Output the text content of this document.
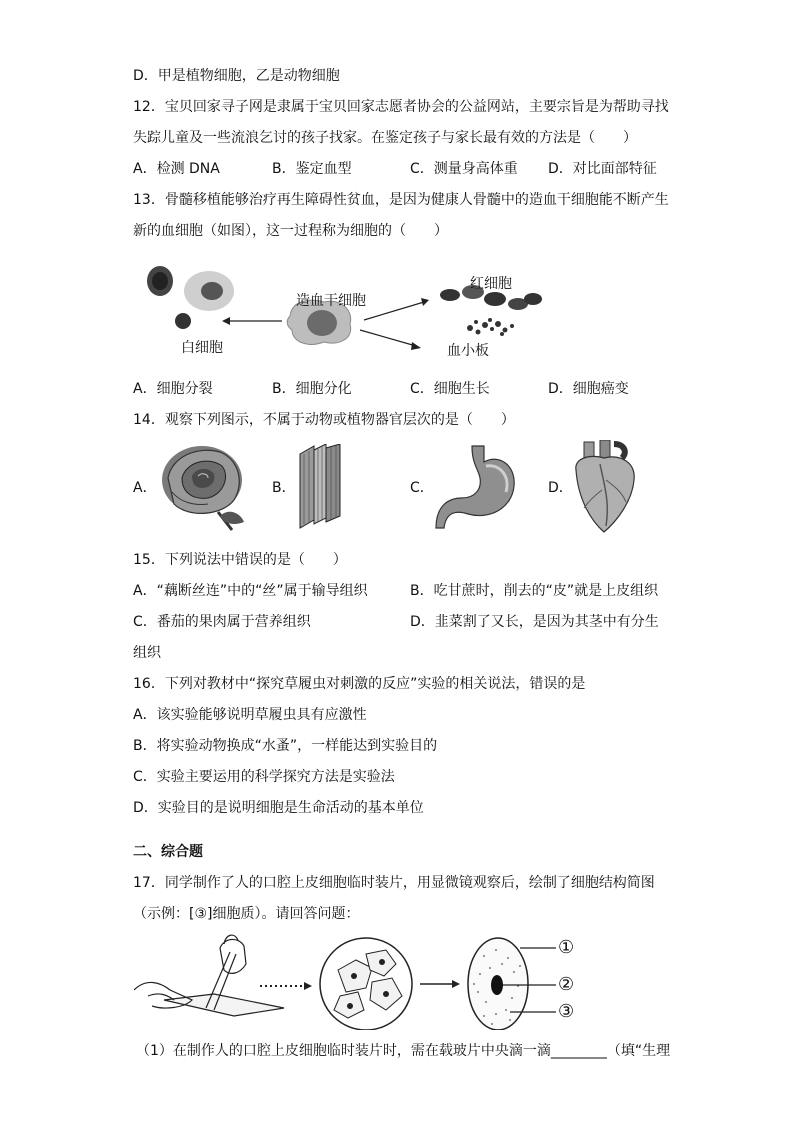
D．甲是植物细胞，乙是动物细胞
12．宝贝回家寻子网是隶属于宝贝回家志愿者协会的公益网站，主要宗旨是为帮助寻找
失踪儿童及一些流浪乞讨的孩子找家。在鉴定孩子与家长最有效的方法是（　　）
A．检测 DNA	B．鉴定血型	C．测量身高体重 D．对比面部特征
13．骨髓移植能够治疗再生障碍性贫血，是因为健康人骨髓中的造血干细胞能不断产生
新的血细胞（如图），这一过程称为细胞的（　　）
造血干细胞
红细胞
白细胞	血小板
A．细胞分裂	B．细胞分化	C．细胞生长	D．细胞癌变
14．观察下列图示，不属于动物或植物器官层次的是（　　）
A．	B．	C．	D．
15．下列说法中错误的是（　　）
A．“藕断丝连”中的“丝”属于输导组织	B．吃甘蔗时，削去的“皮”就是上皮组织
C．番茄的果肉属于营养组织	D．韭菜割了又长，是因为其茎中有分生
组织
16．下列对教材中“探究草履虫对刺激的反应”实验的相关说法，错误的是
A．该实验能够说明草履虫具有应激性
B．将实验动物换成“水蚤”，一样能达到实验目的
C．实验主要运用的科学探究方法是实验法
D．实验目的是说明细胞是生命活动的基本单位
二、综合题
17．同学制作了人的口腔上皮细胞临时装片，用显微镜观察后，绘制了细胞结构简图
（示例：[③]细胞质）。请回答问题：
①
②
③
（1）在制作人的口腔上皮细胞临时装片时，需在载玻片中央滴一滴________（填“生理
